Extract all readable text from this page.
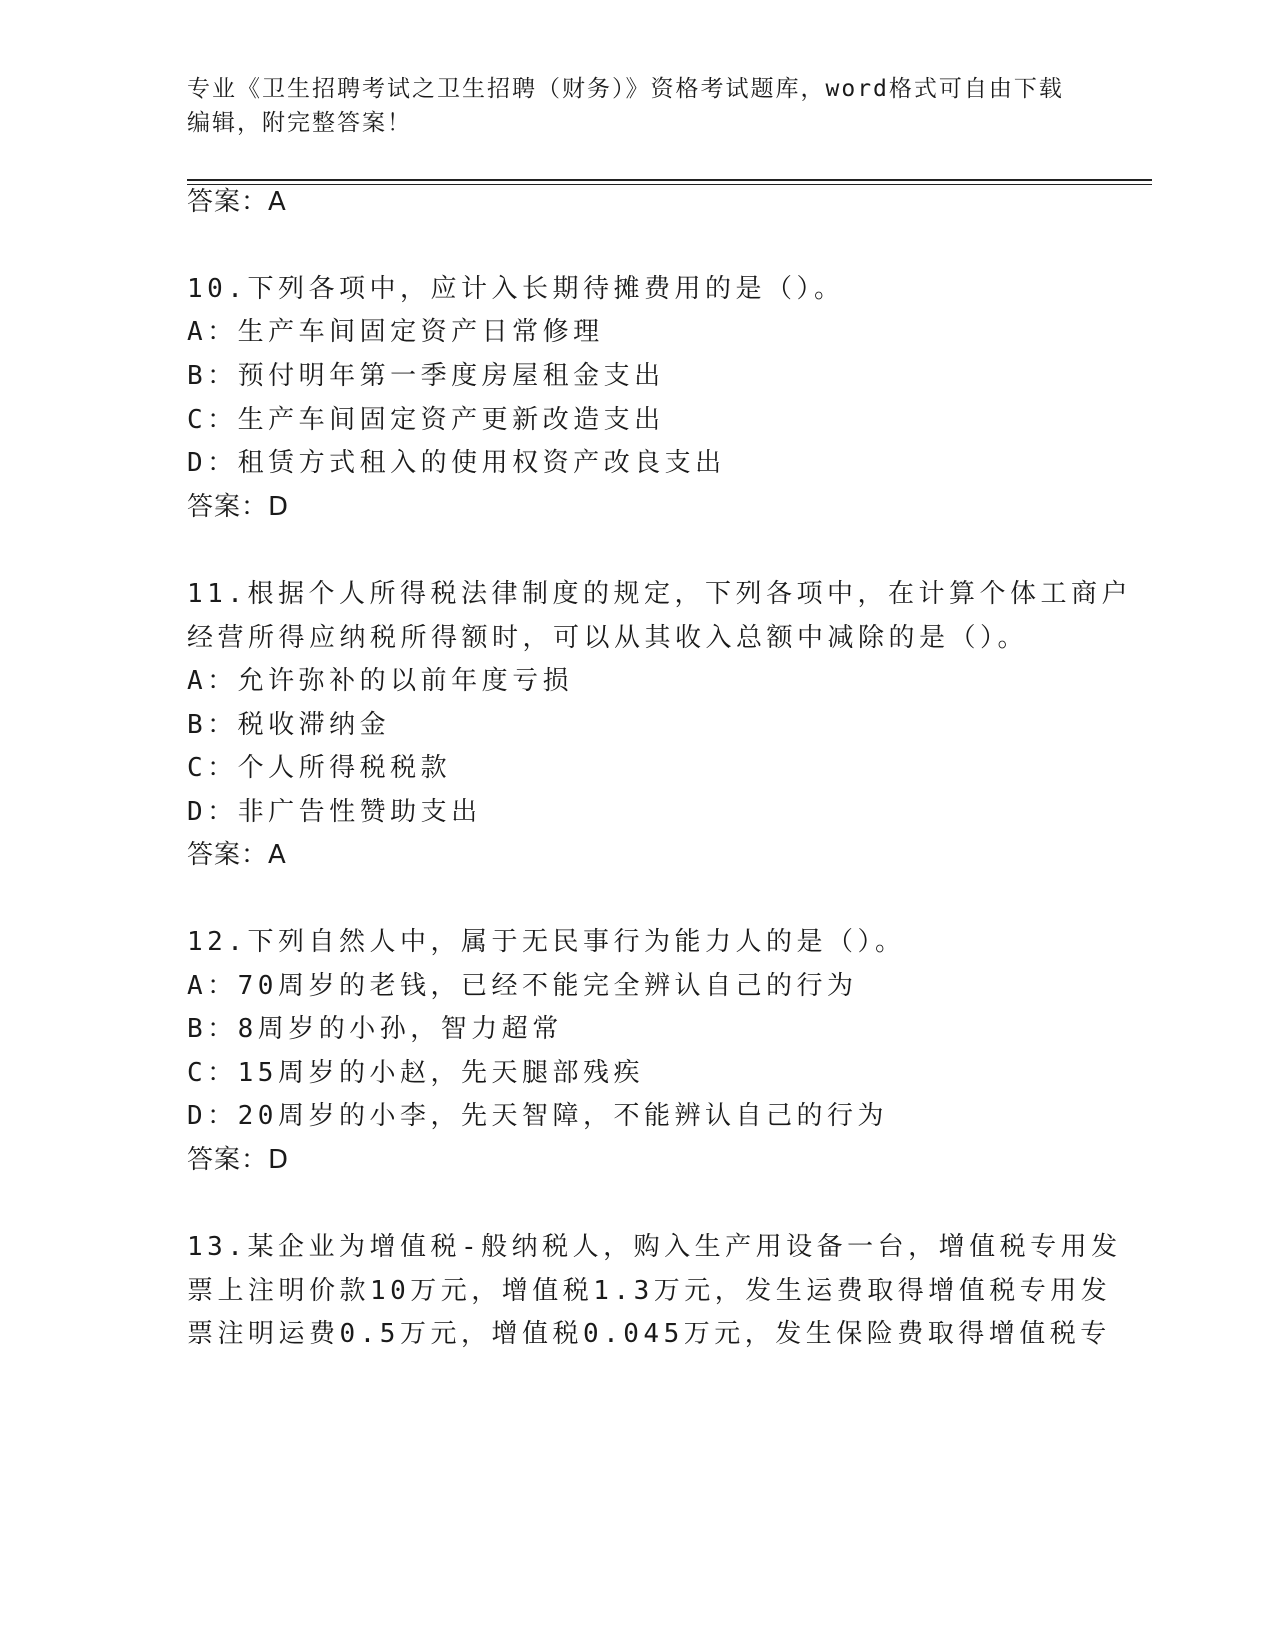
专业《卫生招聘考试之卫生招聘（财务）》资格考试题库，word格式可自由下载
编辑，附完整答案！
答案：A
10.下列各项中，应计入长期待摊费用的是（）。
A：生产车间固定资产日常修理
B：预付明年第一季度房屋租金支出
C：生产车间固定资产更新改造支出
D：租赁方式租入的使用权资产改良支出
答案：D
11.根据个人所得税法律制度的规定，下列各项中，在计算个体工商户
经营所得应纳税所得额时，可以从其收入总额中减除的是（）。
A：允许弥补的以前年度亏损
B：税收滞纳金
C：个人所得税税款
D：非广告性赞助支出
答案：A
12.下列自然人中，属于无民事行为能力人的是（）。
A：70周岁的老钱，已经不能完全辨认自己的行为
B：8周岁的小孙，智力超常
C：15周岁的小赵，先天腿部残疾
D：20周岁的小李，先天智障，不能辨认自己的行为
答案：D
13.某企业为增值税-般纳税人，购入生产用设备一台，增值税专用发
票上注明价款10万元，增值税1.3万元，发生运费取得增值税专用发
票注明运费0.5万元，增值税0.045万元，发生保险费取得增值税专
